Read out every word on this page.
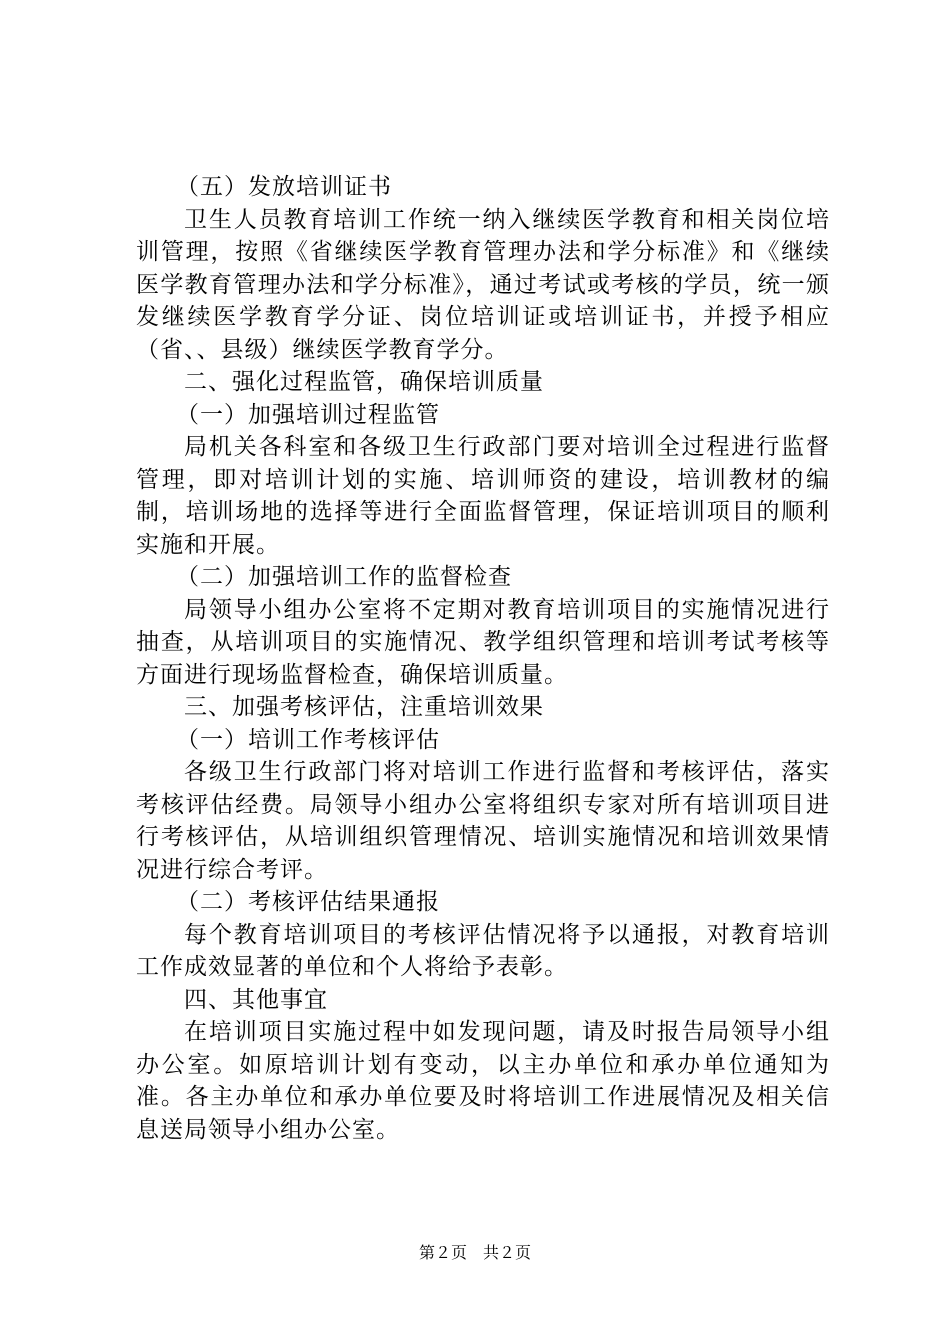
（五）发放培训证书

卫生人员教育培训工作统一纳入继续医学教育和相关岗位培训管理，按照《省继续医学教育管理办法和学分标准》和《继续医学教育管理办法和学分标准》，通过考试或考核的学员，统一颁发继续医学教育学分证、岗位培训证或培训证书，并授予相应（省、、县级）继续医学教育学分。

二、强化过程监管，确保培训质量

（一）加强培训过程监管

局机关各科室和各级卫生行政部门要对培训全过程进行监督管理，即对培训计划的实施、培训师资的建设，培训教材的编制，培训场地的选择等进行全面监督管理，保证培训项目的顺利实施和开展。

（二）加强培训工作的监督检查

局领导小组办公室将不定期对教育培训项目的实施情况进行抽查，从培训项目的实施情况、教学组织管理和培训考试考核等方面进行现场监督检查，确保培训质量。

三、加强考核评估，注重培训效果

（一）培训工作考核评估

各级卫生行政部门将对培训工作进行监督和考核评估，落实考核评估经费。局领导小组办公室将组织专家对所有培训项目进行考核评估，从培训组织管理情况、培训实施情况和培训效果情况进行综合考评。

（二）考核评估结果通报

每个教育培训项目的考核评估情况将予以通报，对教育培训工作成效显著的单位和个人将给予表彰。

四、其他事宜

在培训项目实施过程中如发现问题，请及时报告局领导小组办公室。如原培训计划有变动，以主办单位和承办单位通知为准。各主办单位和承办单位要及时将培训工作进展情况及相关信息送局领导小组办公室。

第２页　共２页
